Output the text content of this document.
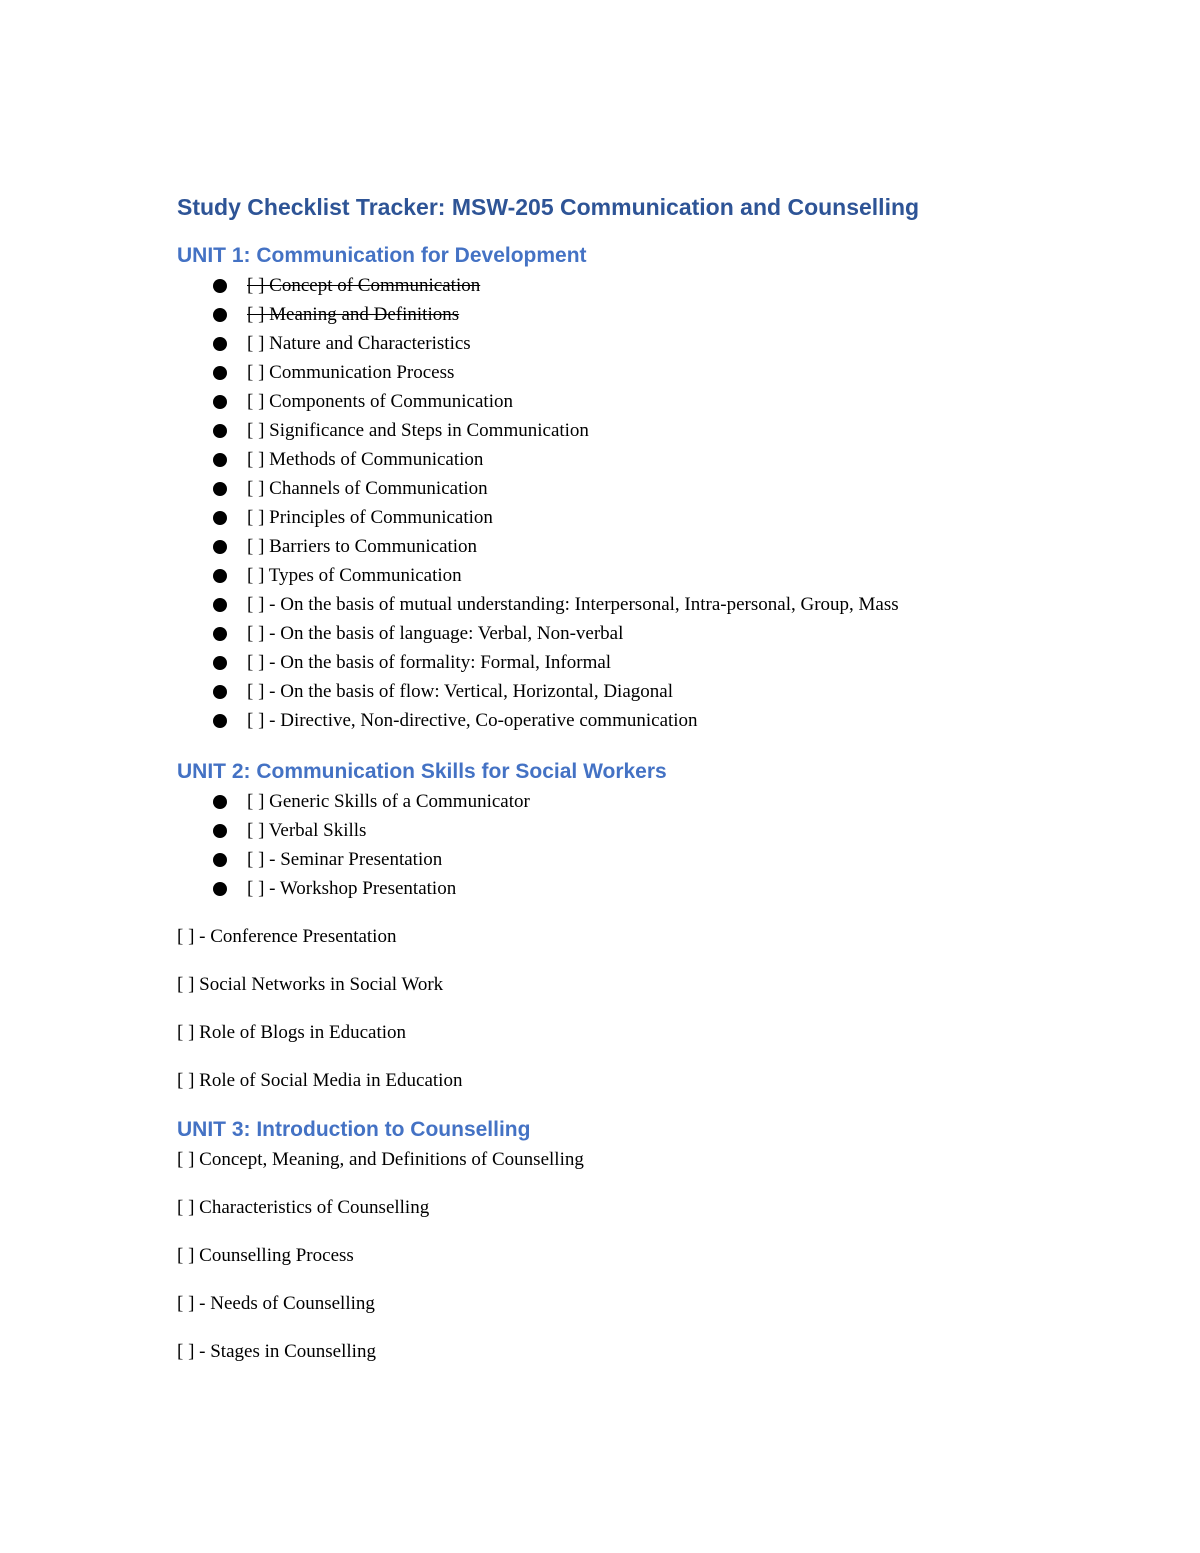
Study Checklist Tracker: MSW-205 Communication and Counselling
UNIT 1: Communication for Development
[ ] Concept of Communication
[ ] Meaning and Definitions
[ ] Nature and Characteristics
[ ] Communication Process
[ ] Components of Communication
[ ] Significance and Steps in Communication
[ ] Methods of Communication
[ ] Channels of Communication
[ ] Principles of Communication
[ ] Barriers to Communication
[ ] Types of Communication
[ ] - On the basis of mutual understanding: Interpersonal, Intra-personal, Group, Mass
[ ] - On the basis of language: Verbal, Non-verbal
[ ] - On the basis of formality: Formal, Informal
[ ] - On the basis of flow: Vertical, Horizontal, Diagonal
[ ] - Directive, Non-directive, Co-operative communication
UNIT 2: Communication Skills for Social Workers
[ ] Generic Skills of a Communicator
[ ] Verbal Skills
[ ] - Seminar Presentation
[ ] - Workshop Presentation

[ ] - Conference Presentation

[ ] Social Networks in Social Work

[ ] Role of Blogs in Education

[ ] Role of Social Media in Education

UNIT 3: Introduction to Counselling

[ ] Concept, Meaning, and Definitions of Counselling

[ ] Characteristics of Counselling

[ ] Counselling Process

[ ] - Needs of Counselling

[ ] - Stages in Counselling
